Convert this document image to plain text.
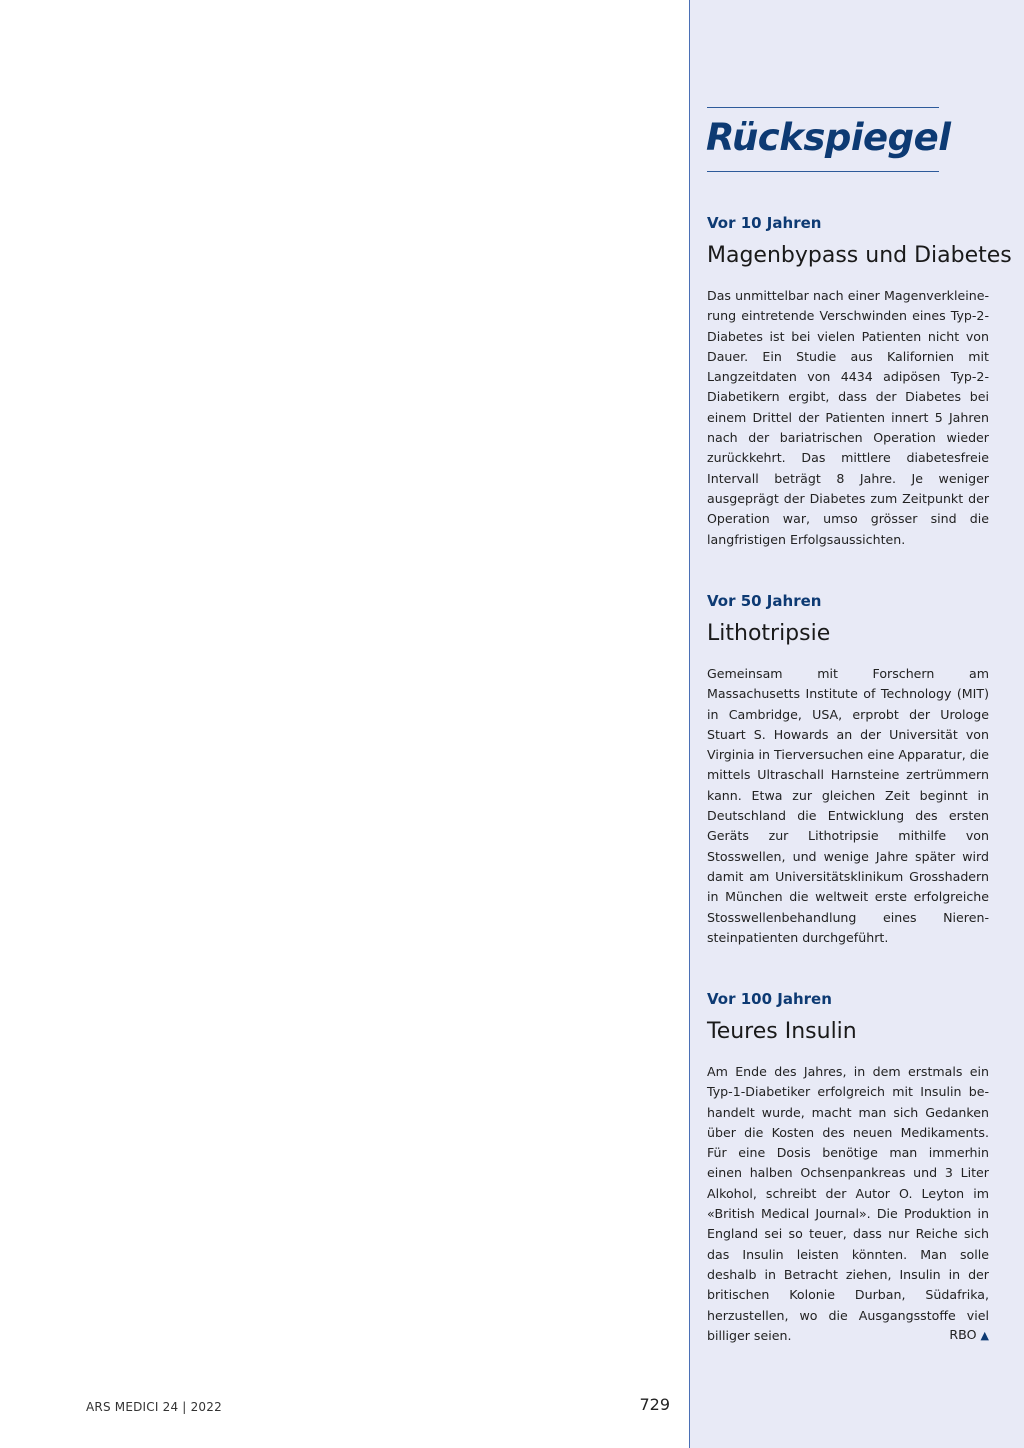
Rückspiegel
Vor 10 Jahren
Magenbypass und Diabetes

Das unmittelbar nach einer Magenverkleinerung eintretende Verschwinden eines Typ-2-Diabetes ist bei vielen Patienten nicht von Dauer. Ein Studie aus Kalifornien mit Langzeitdaten von 4434 adipösen Typ-2-Diabetikern ergibt, dass der Diabetes bei einem Drittel der Patienten innert 5 Jahren nach der bariatrischen Operation wieder zurückkehrt. Das mittlere diabetesfreie Intervall beträgt 8 Jahre. Je weniger ausgeprägt der Diabetes zum Zeitpunkt der Operation war, umso grösser sind die langfristigen Erfolgsaussichten.

Vor 50 Jahren
Lithotripsie

Gemeinsam mit Forschern am Massachusetts Institute of Technology (MIT) in Cambridge, USA, erprobt der Urologe Stuart S. Howards an der Universität von Virginia in Tierversuchen eine Apparatur, die mittels Ultraschall Harnsteine zertrümmern kann. Etwa zur gleichen Zeit beginnt in Deutschland die Entwicklung des ersten Geräts zur Lithotripsie mithilfe von Stosswellen, und wenige Jahre später wird damit am Universitätsklinikum Grosshadern in München die weltweit erste erfolgreiche Stosswellenbehandlung eines Nierensteinpatienten durchgeführt.

Vor 100 Jahren
Teures Insulin

Am Ende des Jahres, in dem erstmals ein Typ-1-Diabetiker erfolgreich mit Insulin behandelt wurde, macht man sich Gedanken über die Kosten des neuen Medikaments. Für eine Dosis benötige man immerhin einen halben Ochsenpankreas und 3 Liter Alkohol, schreibt der Autor O. Leyton im «British Medical Journal». Die Produktion in England sei so teuer, dass nur Reiche sich das Insulin leisten könnten. Man solle deshalb in Betracht ziehen, Insulin in der britischen Kolonie Durban, Südafrika, herzustellen, wo die Ausgangsstoffe viel billiger seien.	RBO ▲
ARS MEDICI 24 | 2022	729
